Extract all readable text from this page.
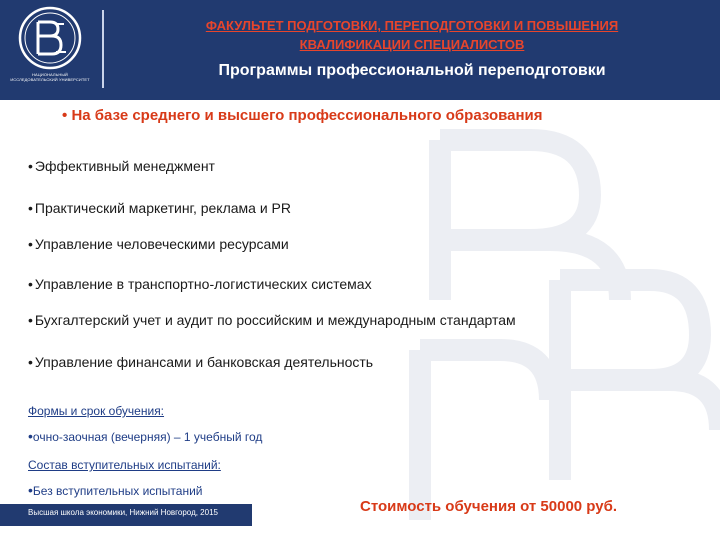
НАЦИОНАЛЬНЫЙ ИССЛЕДОВАТЕЛЬСКИЙ УНИВЕРСИТЕТ
ФАКУЛЬТЕТ ПОДГОТОВКИ, ПЕРЕПОДГОТОВКИ И ПОВЫШЕНИЯ
КВАЛИФИКАЦИИ СПЕЦИАЛИСТОВ
Программы профессиональной переподготовки
• На базе среднего и высшего профессионального образования
• Эффективный менеджмент
• Практический маркетинг, реклама и PR
• Управление человеческими ресурсами
• Управление в транспортно-логистических системах
• Бухгалтерский учет и аудит по российским и международным стандартам
• Управление финансами и банковская деятельность
Формы и срок обучения:
•очно-заочная (вечерняя) – 1 учебный год
Состав вступительных испытаний:
•Без вступительных испытаний
Стоимость обучения от 50000 руб.
Высшая школа экономики, Нижний Новгород, 2015
